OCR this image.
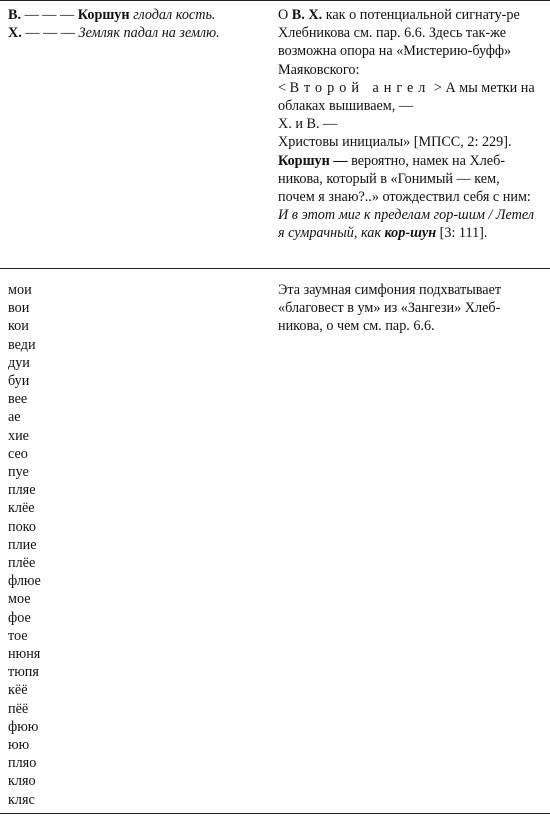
В. — — — Коршун глодал кость.

Х. — — — Земляк падал на землю.

О В. Х. как о потенциальной сигнату-ре Хлебникова см. пар. 6.6. Здесь так-же возможна опора на «Мистерию-буфф» Маяковского:

< Второй ангел > А мы метки на облаках вышиваем, —

Х. и В. —

Христовы инициалы» [МПСС, 2: 229].

Коршун — вероятно, намек на Хлеб-никова, который в «Гонимый — кем, почем я знаю?..» отождествил себя с ним: И в этот миг к пределам гор-шим / Летел я сумрачный, как кор-шун [3: 111].

мои
вои
кои
веди
дуи
буи
вее
ае
хие
сео
пуе
пляе
клёе
поко
плие
плёе
флюе
мое
фое
тое
нюня
тюпя
кёё
пёё
фюю
юю
пляо
кляо
кляс

Эта заумная симфония подхватывает «благовест в ум» из «Зангези» Хлеб-никова, о чем см. пар. 6.6.
